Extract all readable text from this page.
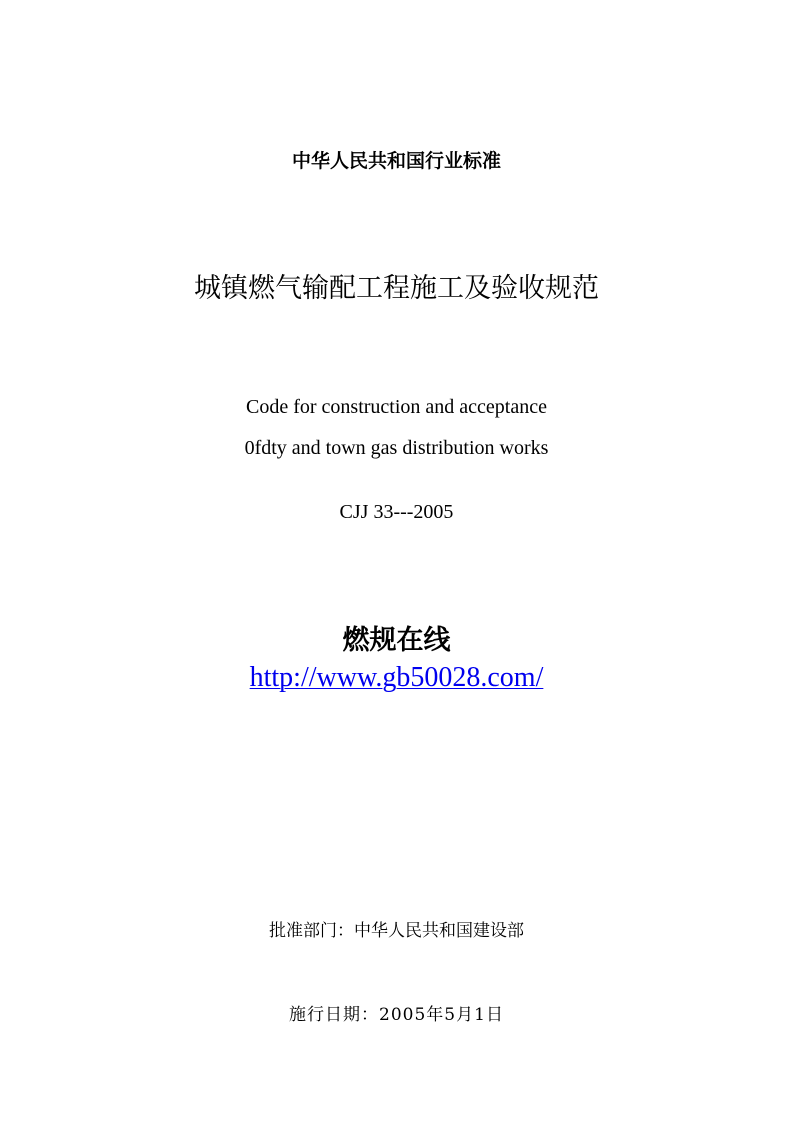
中华人民共和国行业标准
城镇燃气输配工程施工及验收规范
Code for construction and acceptance
0fdty and town gas distribution works
CJJ 33---2005
燃规在线
http://www.gb50028.com/
批准部门：中华人民共和国建设部
施行日期：2005年5月1日
